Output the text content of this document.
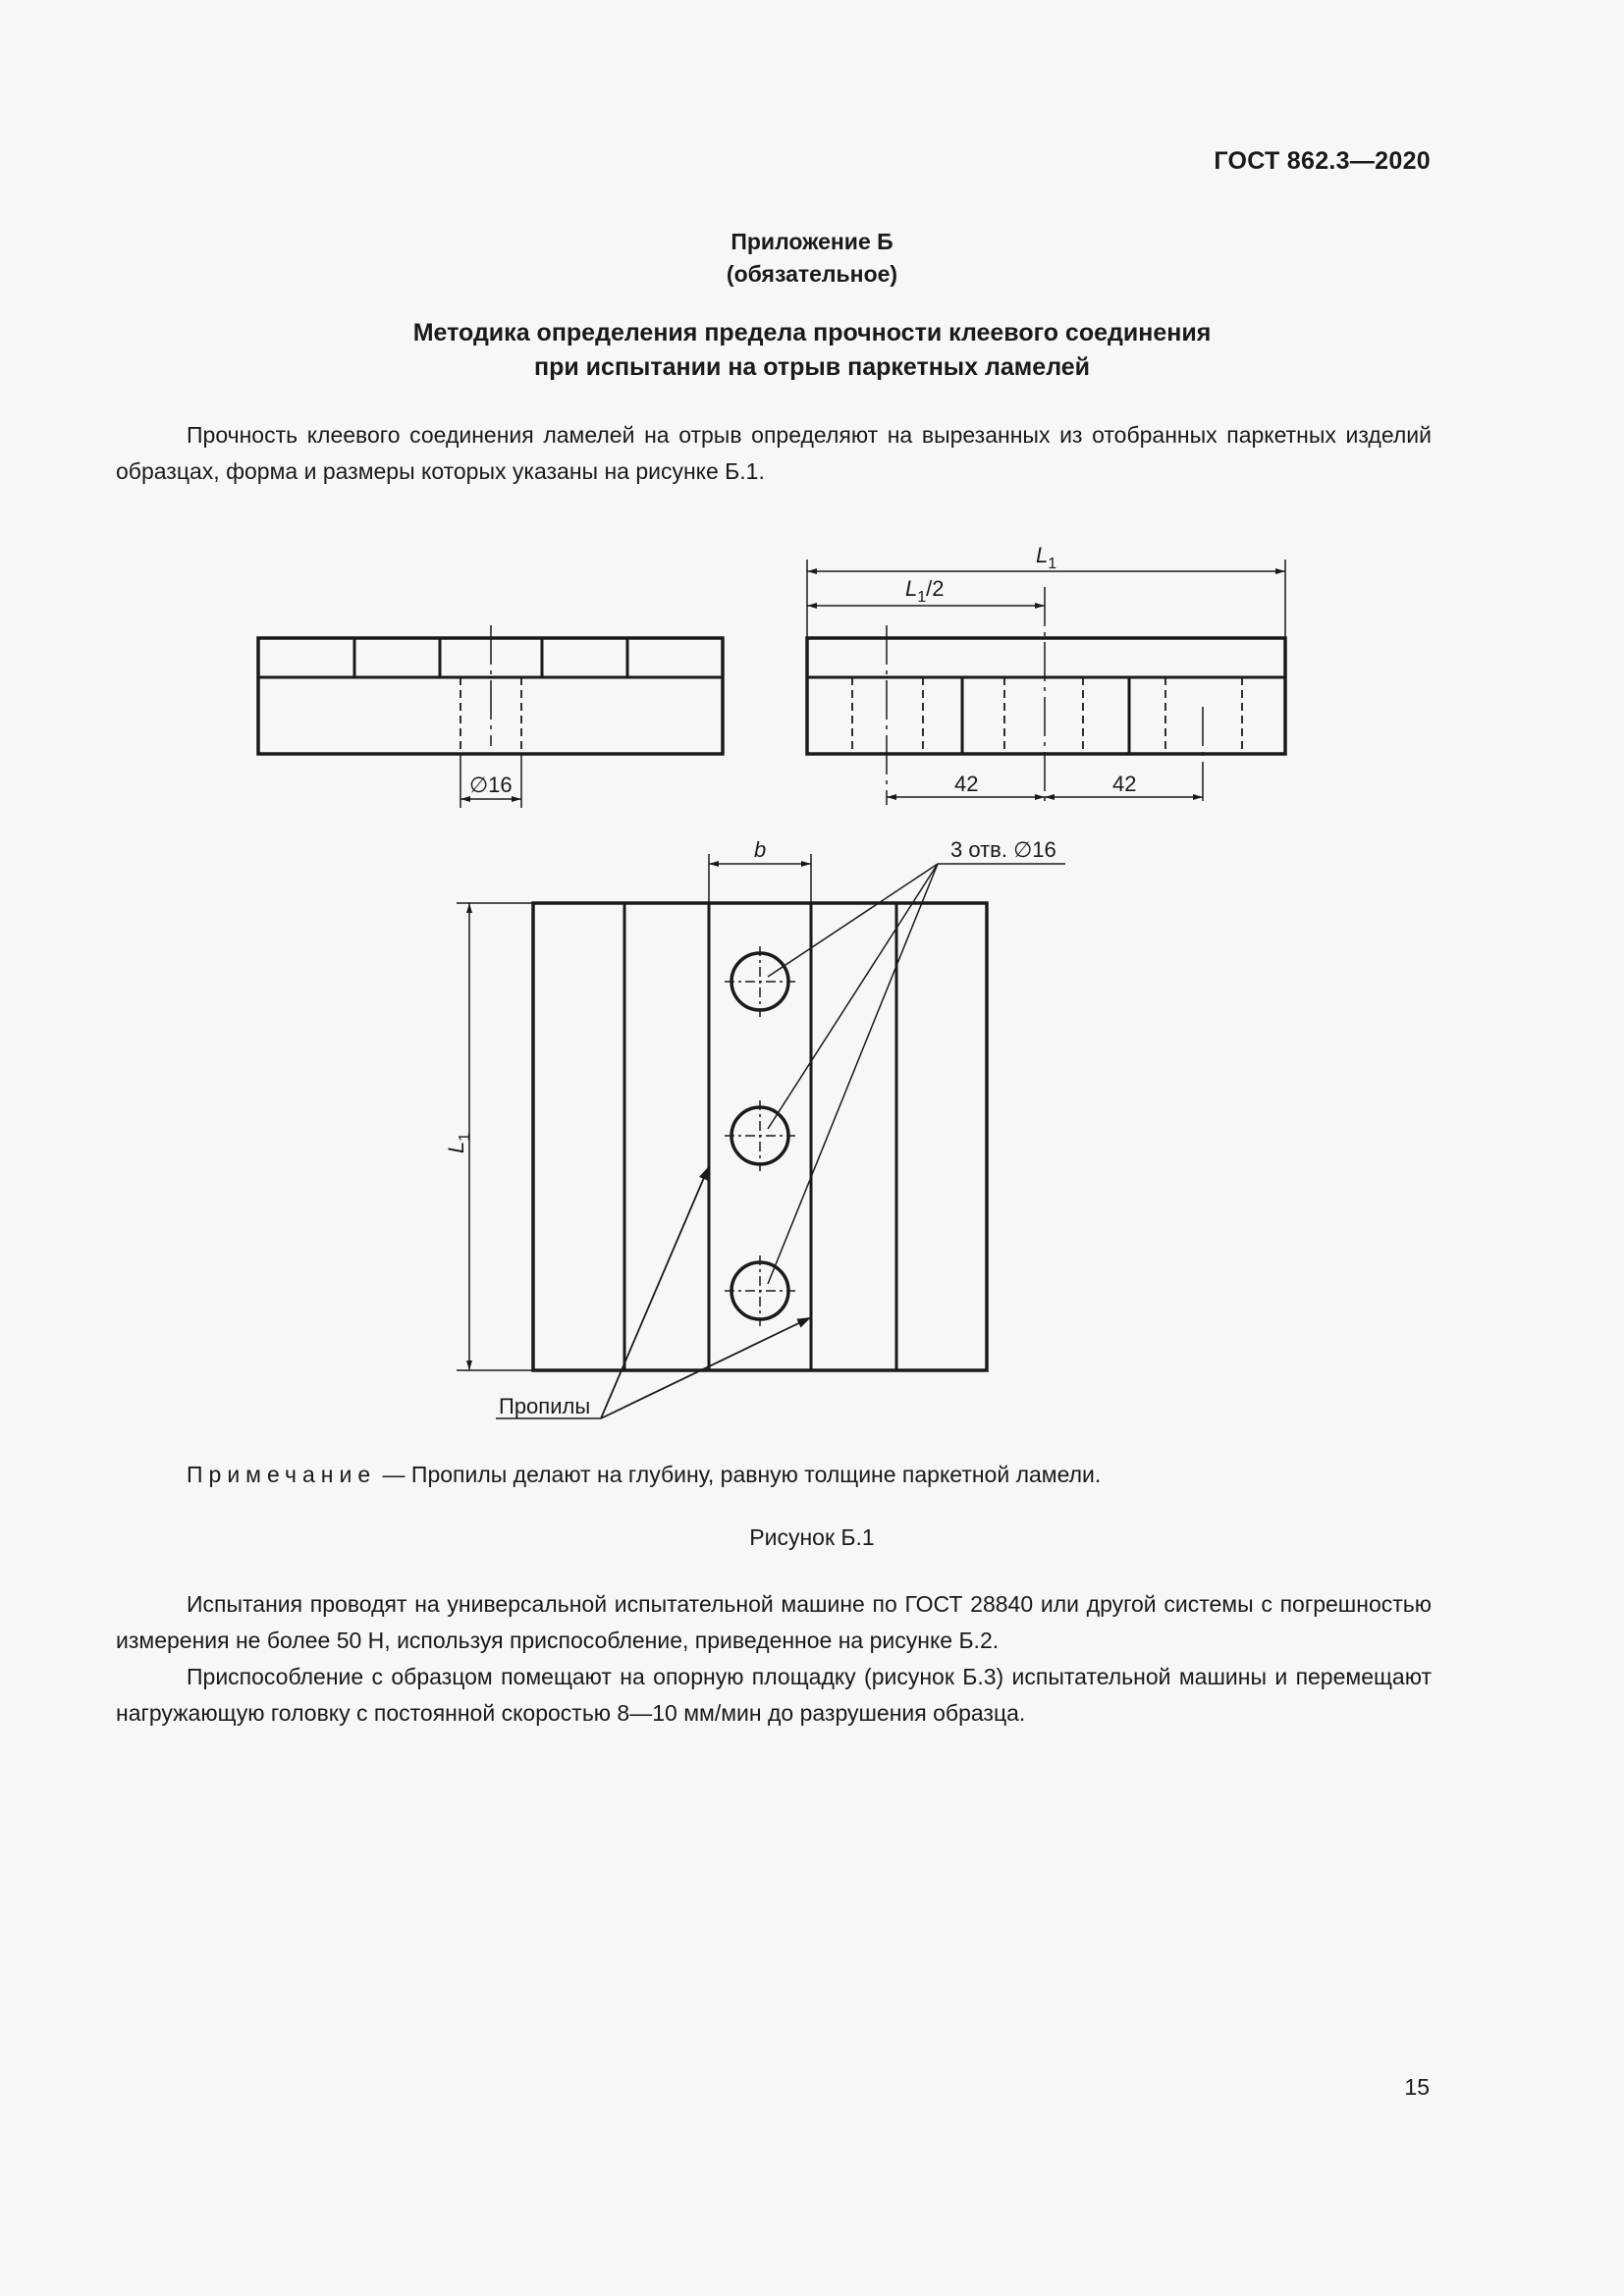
ГОСТ 862.3—2020
Приложение Б
(обязательное)
Методика определения предела прочности клеевого соединения
при испытании на отрыв паркетных ламелей

Прочность клеевого соединения ламелей на отрыв определяют на вырезанных из отобранных паркетных изделий образцах, форма и размеры которых указаны на рисунке Б.1.

∅16
$L_1$
$L_1/2$
42	42
b	3 отв. ∅16
$L_1$
Пропилы
Примечание — Пропилы делают на глубину, равную толщине паркетной ламели.
Рисунок Б.1

Испытания проводят на универсальной испытательной машине по ГОСТ 28840 или другой системы с погрешностью измерения не более 50 Н, используя приспособление, приведенное на рисунке Б.2.

Приспособление с образцом помещают на опорную площадку (рисунок Б.3) испытательной машины и перемещают нагружающую головку с постоянной скоростью 8—10 мм/мин до разрушения образца.

15
